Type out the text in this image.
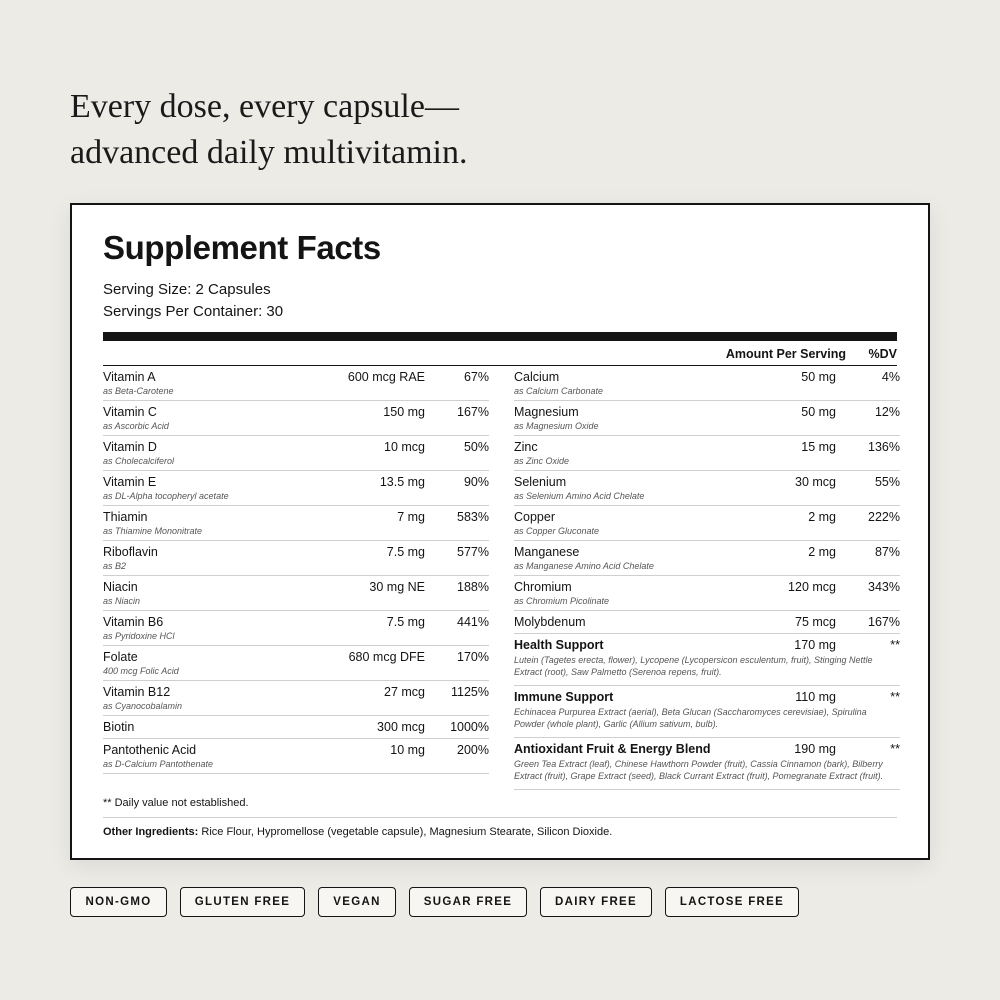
Every dose, every capsule—
advanced daily multivitamin.
Supplement Facts
Serving Size: 2 Capsules
Servings Per Container: 30
Amount Per Serving %DV
Vitamin A
as Beta-Carotene
600 mcg RAE	67%
Vitamin C
as Ascorbic Acid
150 mg	167%
Vitamin D
as Cholecalciferol
10 mcg	50%
Vitamin E
as DL-Alpha tocopheryl acetate
13.5 mg	90%
Thiamin
as Thiamine Mononitrate
7 mg	583%
Riboflavin
as B2
7.5 mg	577%
Niacin
as Niacin
30 mg NE	188%
Vitamin B6
as Pyridoxine HCl
7.5 mg	441%
Folate
400 mcg Folic Acid
680 mcg DFE	170%
Vitamin B12
as Cyanocobalamin
27 mcg 1125%
Biotin	300 mcg 1000%
Pantothenic Acid
as D-Calcium Pantothenate
10 mg	200%
Calcium
as Calcium Carbonate
50 mg	4%
Magnesium
as Magnesium Oxide
50 mg	12%
Zinc
as Zinc Oxide
15 mg	136%
Selenium
as Selenium Amino Acid Chelate
30 mcg	55%
Copper
as Copper Gluconate
2 mg	222%
Manganese
as Manganese Amino Acid Chelate
2 mg	87%
Chromium
as Chromium Picolinate
120 mcg	343%
Molybdenum	75 mcg	167%
Health Support	170 mg	**
Lutein (Tagetes erecta, flower), Lycopene (Lycopersicon esculentum, fruit), Stinging Nettle Extract (root), Saw Palmetto (Serenoa repens, fruit).
Immune Support	110 mg	**
Echinacea Purpurea Extract (aerial), Beta Glucan (Saccharomyces cerevisiae), Spirulina Powder (whole plant), Garlic (Allium sativum, bulb).
Antioxidant Fruit & Energy Blend	190 mg	**
Green Tea Extract (leaf), Chinese Hawthorn Powder (fruit), Cassia Cinnamon (bark), Bilberry Extract (fruit), Grape Extract (seed), Black Currant Extract (fruit), Pomegranate Extract (fruit).
** Daily value not established.
Other Ingredients: Rice Flour, Hypromellose (vegetable capsule), Magnesium Stearate, Silicon Dioxide.
NON-GMO	GLUTEN FREE	VEGAN	SUGAR FREE	DAIRY FREE	LACTOSE FREE
